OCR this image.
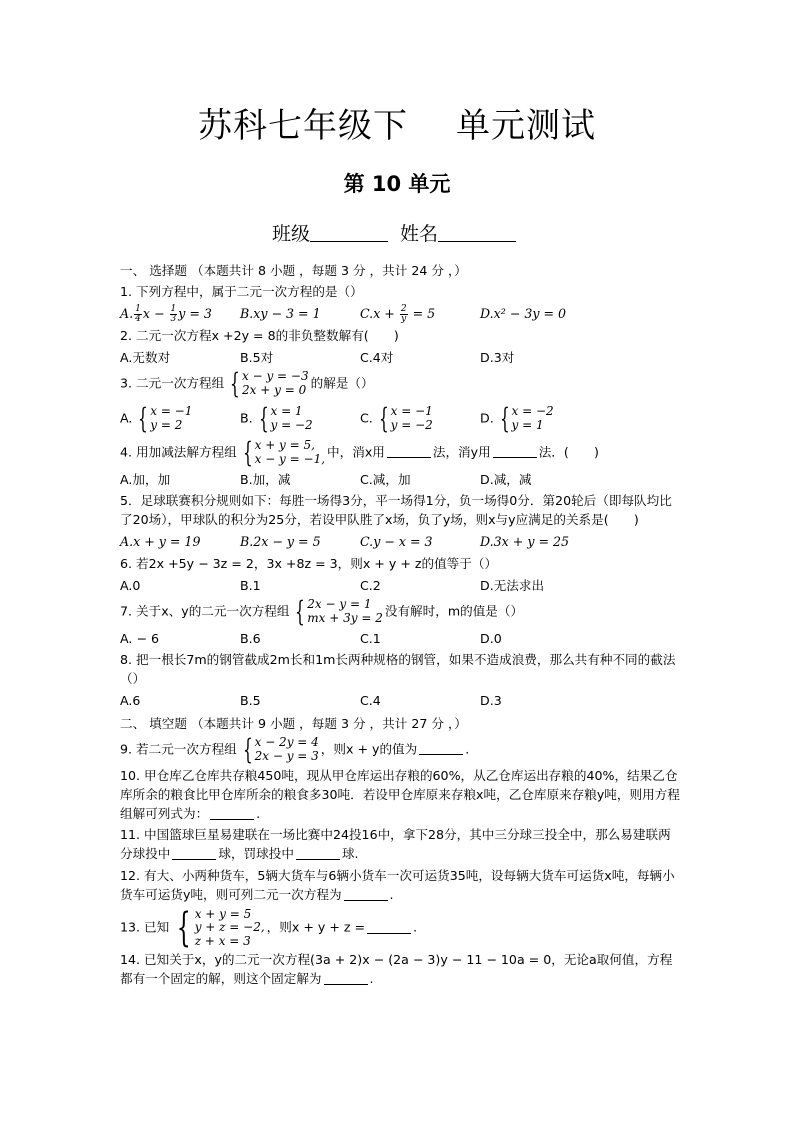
苏科七年级下 单元测试
第 10 单元
班级	姓名
一、 选择题 （本题共计 8 小题 ，每题 3 分 ，共计 24 分 ，）
1. 下列方程中，属于二元一次方程的是（）
A. $\frac{1}{4}$ $x - \frac{1}{3}$ y = 3	B.xy − 3 = 1	$C.x + \frac{2}{y} = 5$	D.x² − 3y = 0
2. 二元一次方程x +2y = 8的非负整数解有(　　)
A.无数对	B.5对	C.4对	D.3对
3. 二元一次方程组 { x − y = −3
2x + y = 0 的解是（）
A. { x = −1
y = 2	B. { x = 1
y = −2	C. { x = −1
y = −2	D. { x = −2
y = 1
4. 用加减法解方程组 { x + y = 5,
x − y = −1, 中，消x用	法，消y用	法．(　　)
A.加，加	B.加，减	C.减，加	D.减，减
5．足球联赛积分规则如下：每胜一场得3分，平一场得1分，负一场得0分．第20轮后（即每队均比了20场），甲球队的积分为25分，若设甲队胜了x场，负了y场，则x与y应满足的关系是(　　)
A.x + y = 19	B.2x − y = 5	C.y − x = 3	D.3x + y = 25
6. 若2x +5y − 3z = 2，3x +8z = 3，则x + y + z的值等于（）
A.0	B.1	C.2	D.无法求出
7. 关于x、y的二元一次方程组 { 2x − y = 1
mx + 3y = 2 没有解时，m的值是（）
A. − 6	B.6	C.1	D.0
8. 把一根长7m的钢管截成2m长和1m长两种规格的钢管，如果不造成浪费，那么共有种不同的截法（）
A.6	B.5	C.4	D.3
二、 填空题 （本题共计 9 小题 ，每题 3 分 ，共计 27 分 ，）
9. 若二元一次方程组 { x − 2y = 4
2x − y = 3 ，则x + y的值为	.
10. 甲仓库乙仓库共存粮450吨，现从甲仓库运出存粮的60%，从乙仓库运出存粮的40%，结果乙仓库所余的粮食比甲仓库所余的粮食多30吨．若设甲仓库原来存粮x吨，乙仓库原来存粮y吨，则用方程组解可列式为：	.
11. 中国篮球巨星易建联在一场比赛中24投16中，拿下28分，其中三分球三投全中，那么易建联两分球投中	球，罚球投中	球.
12. 有大、小两种货车，5辆大货车与6辆小货车一次可运货35吨，设每辆大货车可运货x吨，每辆小货车可运货y吨，则可列二元一次方程为	.
13. 已知 { x + y = 5
y + z = −2,
z + x = 3
，则x + y + z =	.
14. 已知关于x，y的二元一次方程(3a + 2)x − (2a − 3)y − 11 − 10a = 0，无论a取何值，方程都有一个固定的解，则这个固定解为	.
